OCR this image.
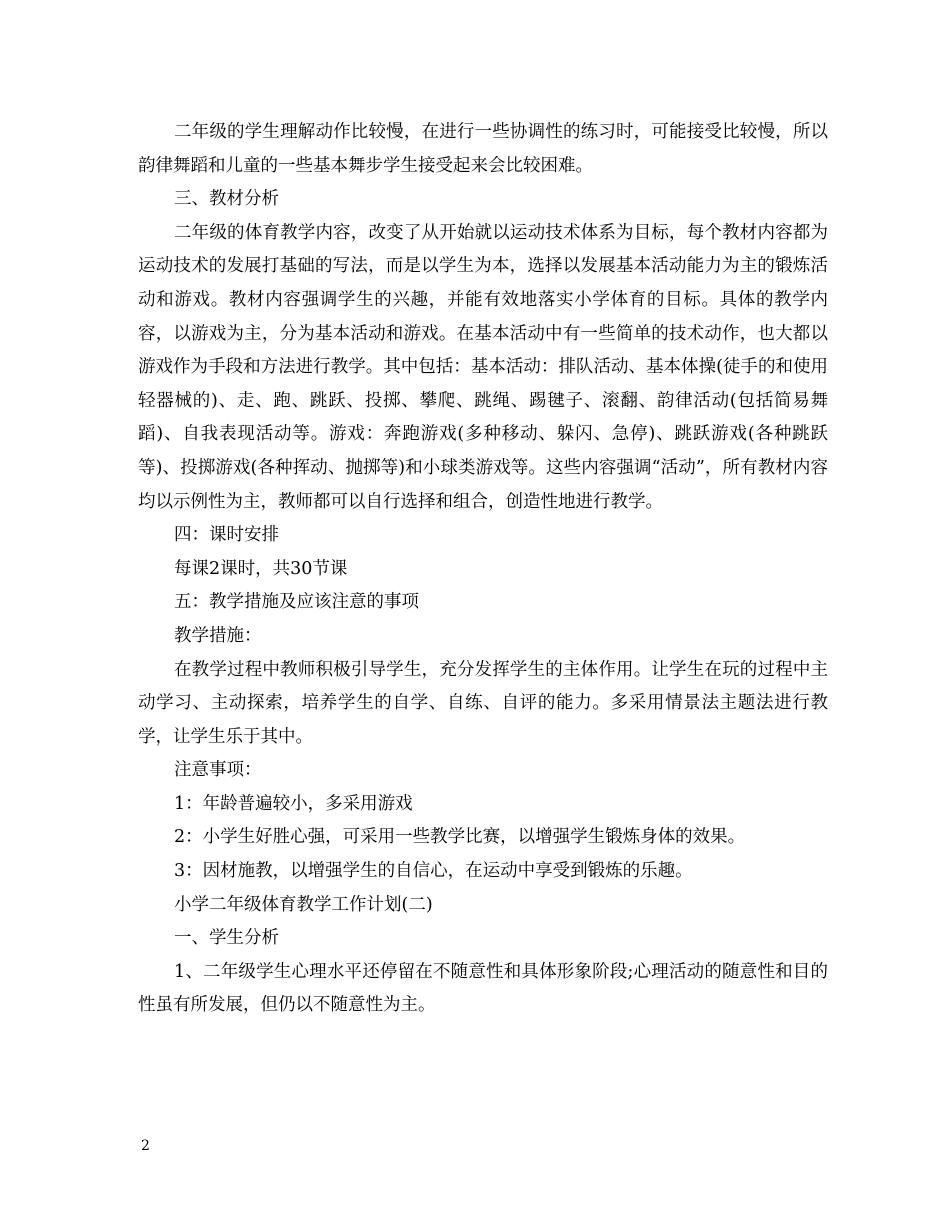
二年级的学生理解动作比较慢，在进行一些协调性的练习时，可能接受比较慢，所以韵律舞蹈和儿童的一些基本舞步学生接受起来会比较困难。

三、教材分析

二年级的体育教学内容，改变了从开始就以运动技术体系为目标，每个教材内容都为运动技术的发展打基础的写法，而是以学生为本，选择以发展基本活动能力为主的锻炼活动和游戏。教材内容强调学生的兴趣，并能有效地落实小学体育的目标。具体的教学内容，以游戏为主，分为基本活动和游戏。在基本活动中有一些简单的技术动作，也大都以游戏作为手段和方法进行教学。其中包括：基本活动：排队活动、基本体操(徒手的和使用轻器械的)、走、跑、跳跃、投掷、攀爬、跳绳、踢毽子、滚翻、韵律活动(包括简易舞蹈)、自我表现活动等。游戏：奔跑游戏(多种移动、躲闪、急停)、跳跃游戏(各种跳跃等)、投掷游戏(各种挥动、抛掷等)和小球类游戏等。这些内容强调“活动”，所有教材内容均以示例性为主，教师都可以自行选择和组合，创造性地进行教学。

四：课时安排

每课2课时，共30节课

五：教学措施及应该注意的事项

教学措施：

在教学过程中教师积极引导学生，充分发挥学生的主体作用。让学生在玩的过程中主动学习、主动探索，培养学生的自学、自练、自评的能力。多采用情景法主题法进行教学，让学生乐于其中。

注意事项：

1：年龄普遍较小，多采用游戏

2：小学生好胜心强，可采用一些教学比赛，以增强学生锻炼身体的效果。

3：因材施教，以增强学生的自信心，在运动中享受到锻炼的乐趣。

小学二年级体育教学工作计划(二)

一、学生分析

1、二年级学生心理水平还停留在不随意性和具体形象阶段;心理活动的随意性和目的性虽有所发展，但仍以不随意性为主。

2
